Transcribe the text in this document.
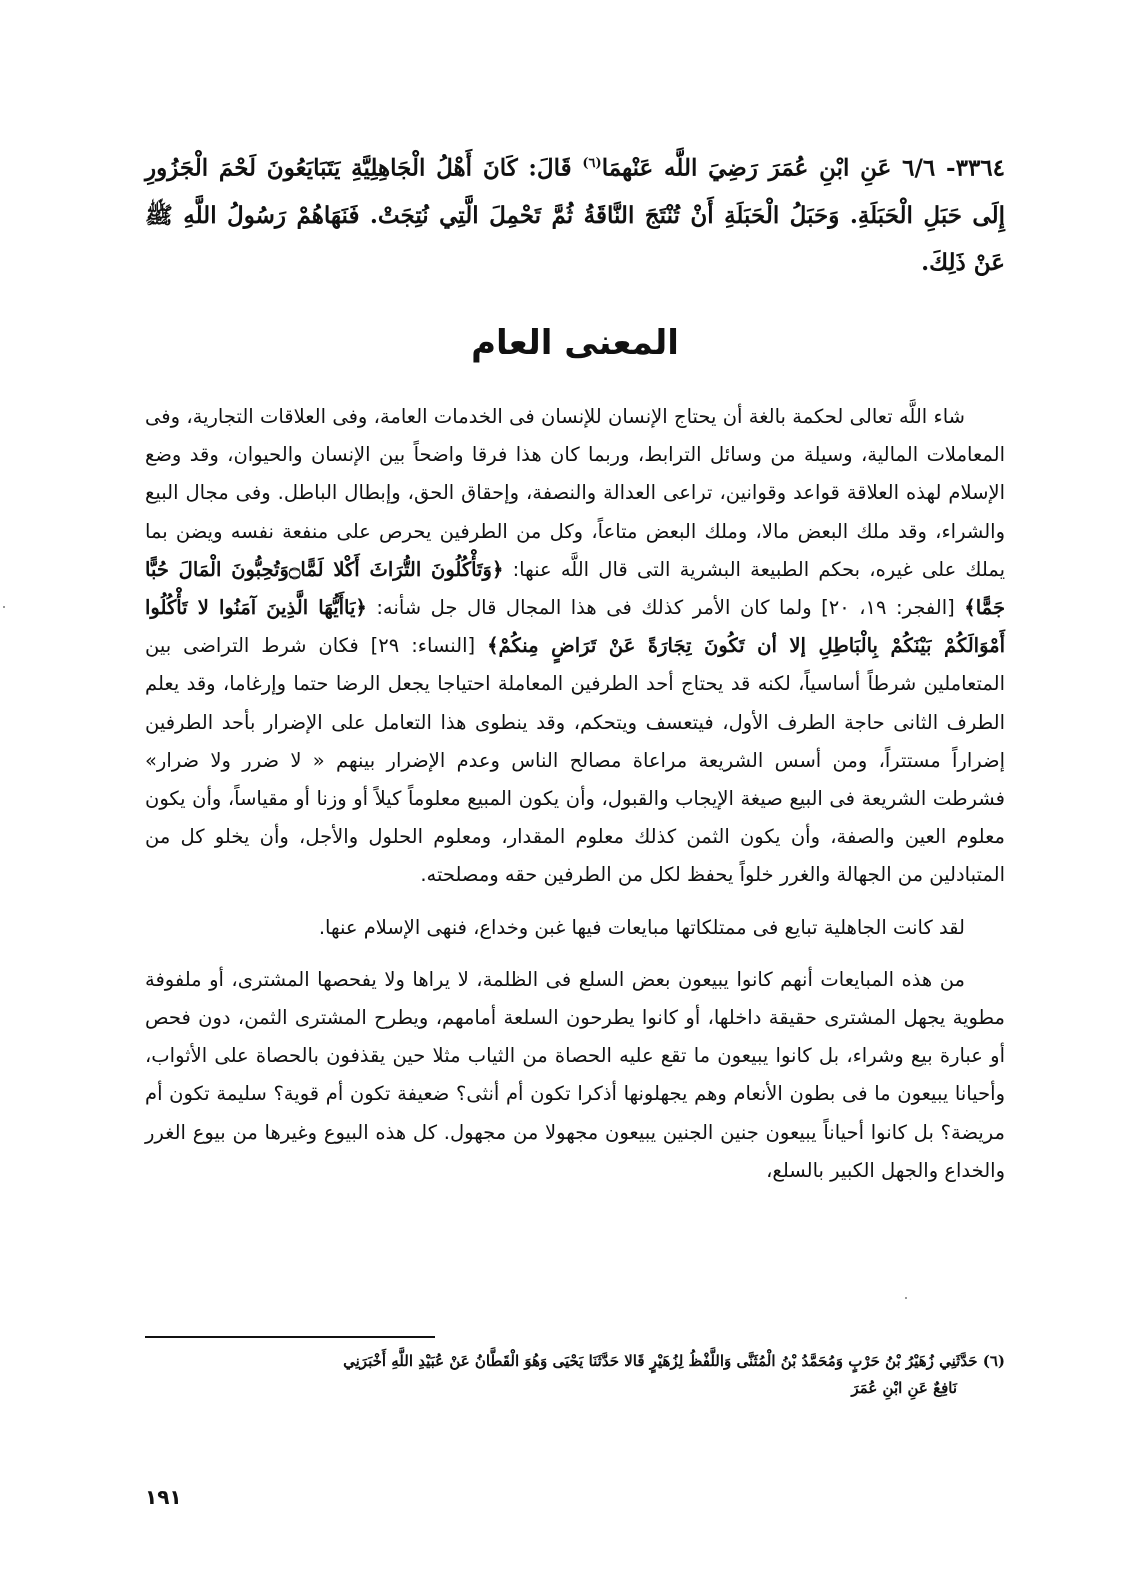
٣٣٦٤- ٦/٦ عَنِ ابْنِ عُمَرَ رَضِيَ اللَّه عَنْهمَا$^{(٦)}$ قَالَ: كَانَ أَهْلُ الْجَاهِلِيَّةِ يَتَبَايَعُونَ لَحْمَ الْجَزُورِ إِلَى حَبَلِ الْحَبَلَةِ. وَحَبَلُ الْحَبَلَةِ أَنْ تُنْتَجَ النَّاقَةُ ثُمَّ تَحْمِلَ الَّتِي نُتِجَتْ. فَنَهَاهُمْ رَسُولُ اللَّهِ ﷺ عَنْ ذَلِكَ.
المعنى العام

شاء اللَّه تعالى لحكمة بالغة أن يحتاج الإنسان للإنسان فى الخدمات العامة، وفى العلاقات التجارية، وفى المعاملات المالية، وسيلة من وسائل الترابط، وربما كان هذا فرقا واضحاً بين الإنسان والحيوان، وقد وضع الإسلام لهذه العلاقة قواعد وقوانين، تراعى العدالة والنصفة، وإحقاق الحق، وإبطال الباطل. وفى مجال البيع والشراء، وقد ملك البعض مالا، وملك البعض متاعاً، وكل من الطرفين يحرص على منفعة نفسه ويضن بما يملك على غيره، بحكم الطبيعة البشرية التى قال اللَّه عنها: ﴿وَتَأْكُلُونَ التُّرَاثَ أَكْلا لَمًّا۝وَتُحِبُّونَ الْمَالَ حُبًّا جَمًّا﴾ [الفجر: ١٩، ٢٠] ولما كان الأمر كذلك فى هذا المجال قال جل شأنه: ﴿يَاأَيُّهَا الَّذِينَ آمَنُوا لا تَأْكُلُوا أَمْوَالَكُمْ بَيْنَكُمْ بِالْبَاطِلِ إلا أن تَكُونَ تِجَارَةً عَنْ تَرَاضٍ مِنكُمْ﴾ [النساء: ٢٩] فكان شرط التراضى بين المتعاملين شرطاً أساسياً، لكنه قد يحتاج أحد الطرفين المعاملة احتياجا يجعل الرضا حتما وإرغاما، وقد يعلم الطرف الثانى حاجة الطرف الأول، فيتعسف ويتحكم، وقد ينطوى هذا التعامل على الإضرار بأحد الطرفين إضراراً مستتراً، ومن أسس الشريعة مراعاة مصالح الناس وعدم الإضرار بينهم « لا ضرر ولا ضرار» فشرطت الشريعة فى البيع صيغة الإيجاب والقبول، وأن يكون المبيع معلوماً كيلاً أو وزنا أو مقياساً، وأن يكون معلوم العين والصفة، وأن يكون الثمن كذلك معلوم المقدار، ومعلوم الحلول والأجل، وأن يخلو كل من المتبادلين من الجهالة والغرر خلواً يحفظ لكل من الطرفين حقه ومصلحته.

لقد كانت الجاهلية تبايع فى ممتلكاتها مبايعات فيها غبن وخداع، فنهى الإسلام عنها.

من هذه المبايعات أنهم كانوا يبيعون بعض السلع فى الظلمة، لا يراها ولا يفحصها المشترى، أو ملفوفة مطوية يجهل المشترى حقيقة داخلها، أو كانوا يطرحون السلعة أمامهم، ويطرح المشترى الثمن، دون فحص أو عبارة بيع وشراء، بل كانوا يبيعون ما تقع عليه الحصاة من الثياب مثلا حين يقذفون بالحصاة على الأثواب، وأحيانا يبيعون ما فى بطون الأنعام وهم يجهلونها أذكرا تكون أم أنثى؟ ضعيفة تكون أم قوية؟ سليمة تكون أم مريضة؟ بل كانوا أحياناً يبيعون جنين الجنين يبيعون مجهولا من مجهول. كل هذه البيوع وغيرها من بيوع الغرر والخداع والجهل الكبير بالسلع،

(٦) حَدَّثَنِي زُهَيْرُ بْنُ حَرْبٍ وَمُحَمَّدُ بْنُ الْمُثَنَّى وَاللَّفْظُ لِزُهَيْرٍ قَالا حَدَّثَنَا يَحْيَى وَهُوَ الْقَطَّانُ عَنْ عُبَيْدِ اللَّهِ أَخْبَرَنِي
نَافِعٌ عَنِ ابْنِ عُمَرَ
١٩١
